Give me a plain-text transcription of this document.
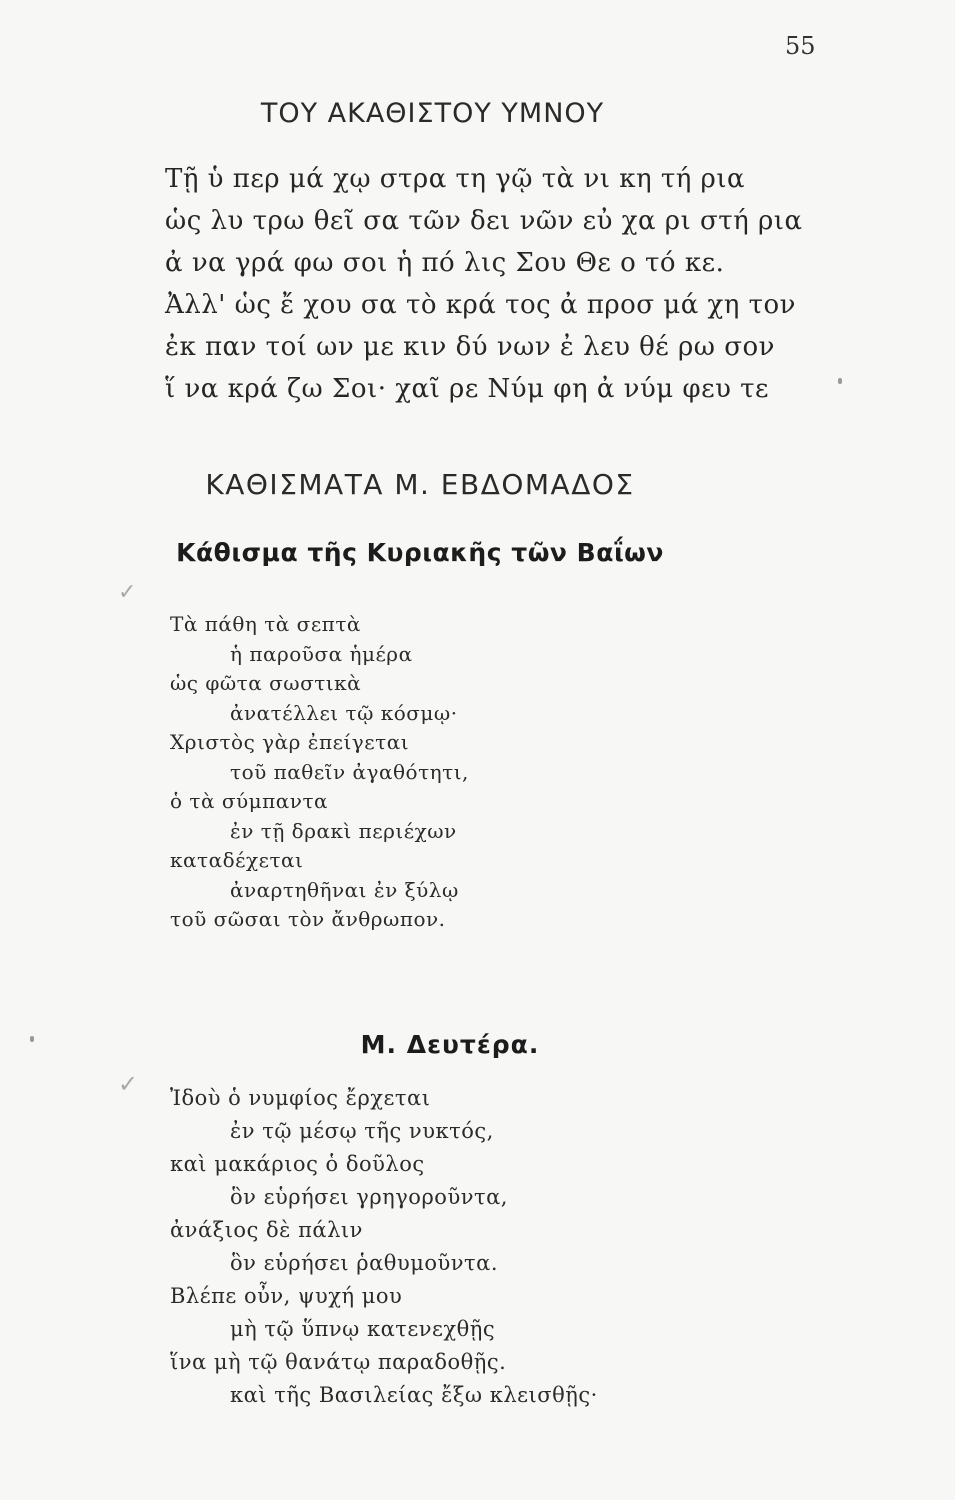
55
ΤΟΥ ΑΚΑΘΙΣΤΟΥ ΥΜΝΟΥ
Τῇ ὑ περ μά χῳ στρα τη γῷ τὰ νι κη τή ρια
ὡς λυ τρω θεῖ σα τῶν δει νῶν εὐ χα ρι στή ρια
ἀ να γρά φω σοι ἡ πό λις Σου Θε ο τό κε.
Ἀλλ' ὡς ἔ χου σα τὸ κρά τος ἀ προσ μά χη τον
ἐκ παν τοί ων με κιν δύ νων ἐ λευ θέ ρω σον
ἵ να κρά ζω Σοι· χαῖ ρε Νύμ φη ἀ νύμ φευ τε
ΚΑΘΙΣΜΑΤΑ Μ. ΕΒΔΟΜΑΔΟΣ
Κάθισμα τῆς Κυριακῆς τῶν Βαΐων
✓
Τὰ πάθη τὰ σεπτὰ
ἡ παροῦσα ἡμέρα
ὡς φῶτα σωστικὰ
ἀνατέλλει τῷ κόσμῳ·
Χριστὸς γὰρ ἐπείγεται
τοῦ παθεῖν ἀγαθότητι,
ὁ τὰ σύμπαντα
ἐν τῇ δρακὶ περιέχων
καταδέχεται
ἀναρτηθῆναι ἐν ξύλῳ
τοῦ σῶσαι τὸν ἄνθρωπον.
Μ. Δευτέρα.
✓ Ἰδοὺ ὁ νυμφίος ἔρχεται
ἐν τῷ μέσῳ τῆς νυκτός,
καὶ μακάριος ὁ δοῦλος
ὃν εὑρήσει γρηγοροῦντα,
ἀνάξιος δὲ πάλιν
ὃν εὑρήσει ῥαθυμοῦντα.
Βλέπε οὖν, ψυχή μου
μὴ τῷ ὕπνῳ κατενεχθῇς
ἵνα μὴ τῷ θανάτῳ παραδοθῇς.
καὶ τῆς Βασιλείας ἔξω κλεισθῇς·
